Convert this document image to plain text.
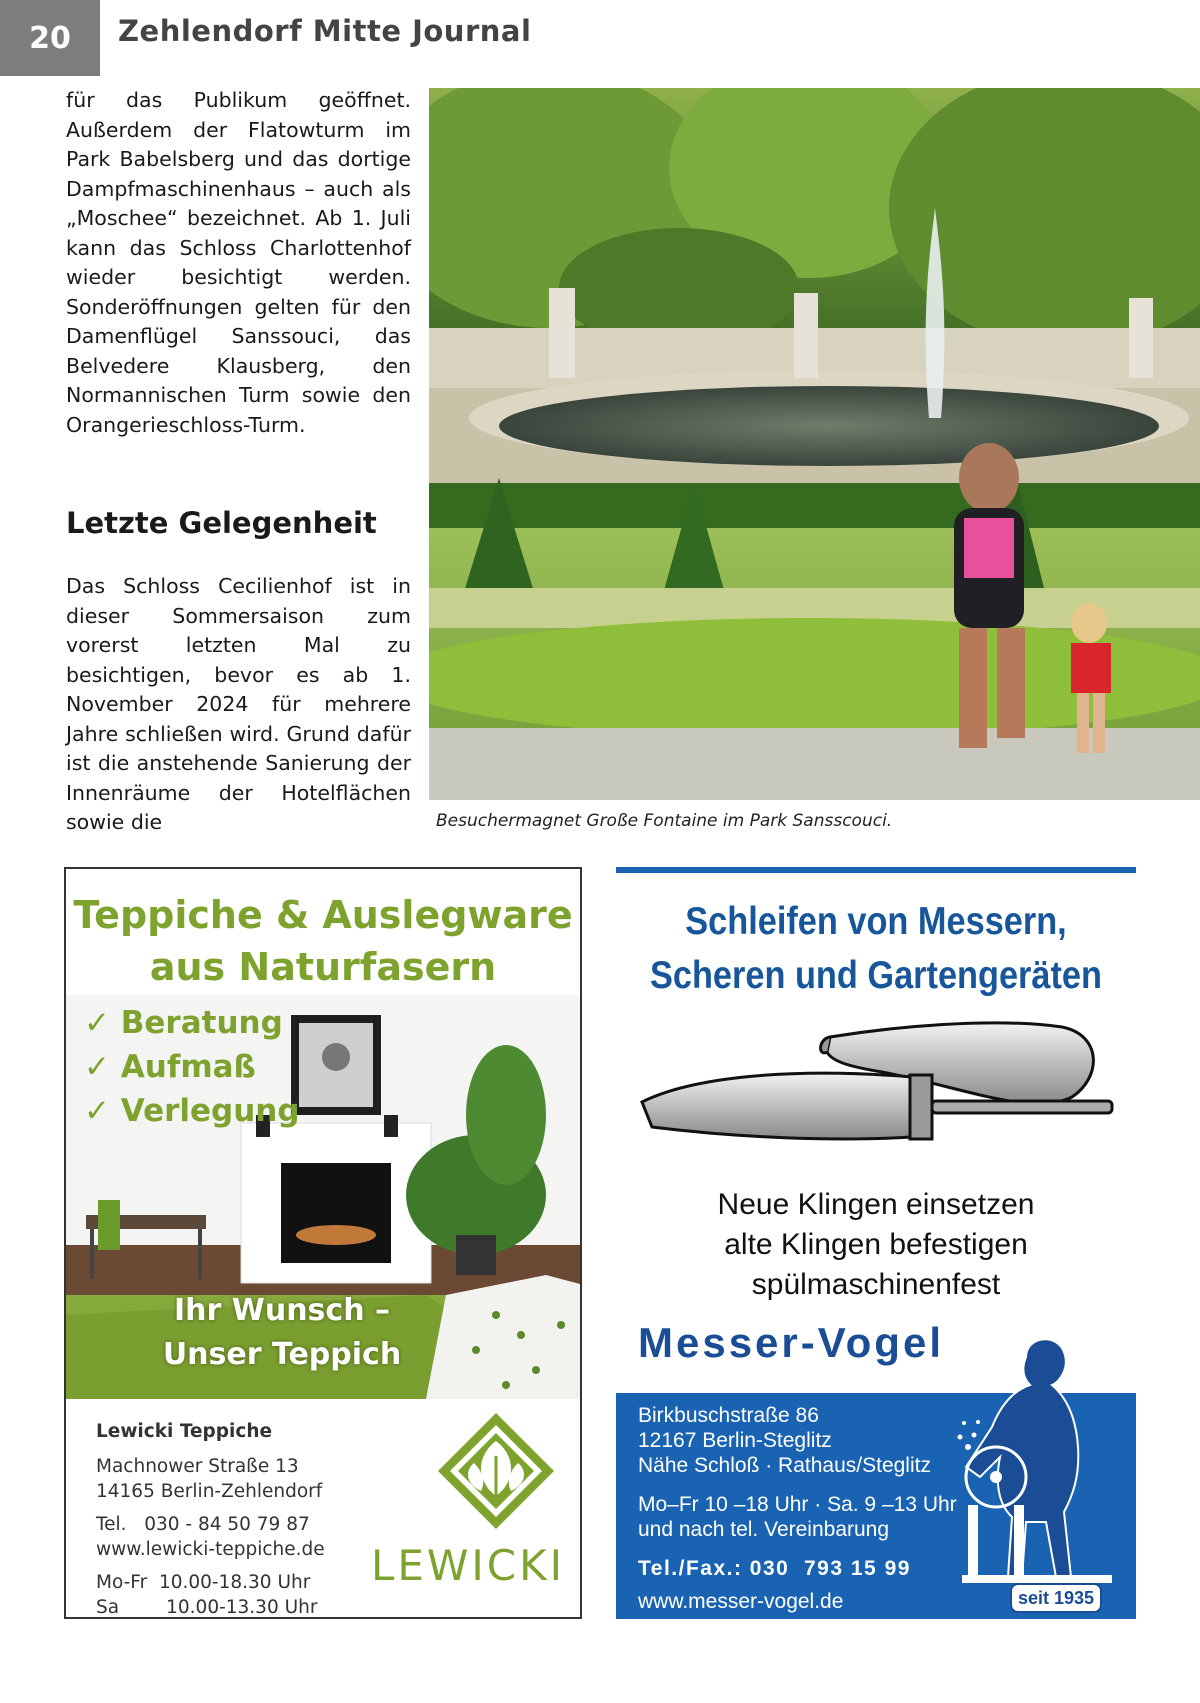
20	Zehlendorf Mitte Journal
für das Publikum geöffnet. Außerdem der Flatowturm im Park Babelsberg und das dortige Dampfmaschinenhaus – auch als „Moschee“ bezeichnet. Ab 1. Juli kann das Schloss Charlottenhof wieder besichtigt werden. Sonderöffnungen gelten für den Damenflügel Sanssouci, das Belvedere Klausberg, den Normannischen Turm sowie den Orangerieschloss-Turm.
Letzte Gelegenheit
Das Schloss Cecilienhof ist in dieser Sommersaison zum vorerst letzten Mal zu besichtigen, bevor es ab 1. November 2024 für mehrere Jahre schließen wird. Grund dafür ist die anstehende Sanierung der Innenräume der Hotelflächen sowie die	Besuchermagnet Große Fontaine im Park Sansscouci.
Teppiche & Auslegware
aus Naturfasern
✓ Beratung
✓ Aufmaß
✓ Verlegung
Ihr Wunsch –
Unser Teppich
Lewicki Teppiche
Machnower Straße 13
14165 Berlin-Zehlendorf
Tel.   030 - 84 50 79 87
www.lewicki-teppiche.de
Mo-Fr  10.00-18.30 Uhr
Sa        10.00-13.30 Uhr
LEWICKI
Schleifen von Messern,
Scheren und Gartengeräten
Neue Klingen einsetzen
alte Klingen befestigen
spülmaschinenfest
Messer-Vogel
Birkbuschstraße 86
12167 Berlin-Steglitz
Nähe Schloß · Rathaus/Steglitz
Mo–Fr 10 –18 Uhr · Sa. 9 –13 Uhr
und nach tel. Vereinbarung
Tel./Fax.: 030  793 15 99
www.messer-vogel.de	seit 1935
